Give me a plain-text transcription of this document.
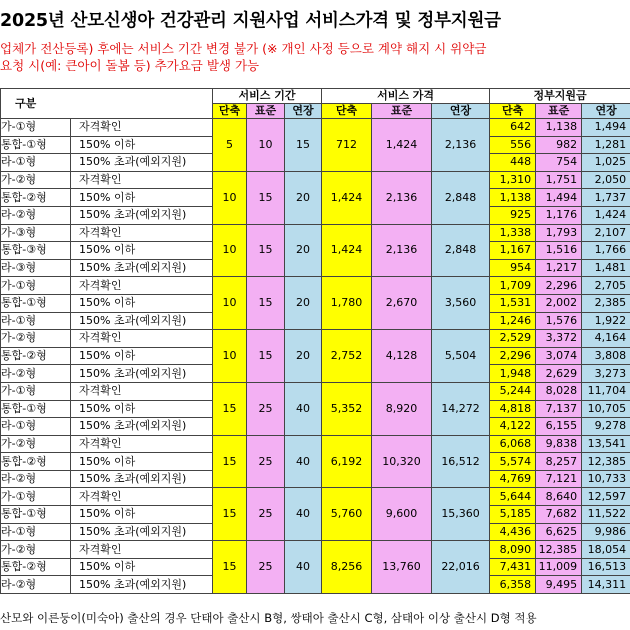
2025년 산모신생아 건강관리 지원사업 서비스가격 및 정부지원금
업체가 전산등록) 후에는 서비스 기간 변경 불가 (※ 개인 사정 등으로 계약 해지 시 위약금
요청 시(예: 큰아이 돌봄 등) 추가요금 발생 가능
구분		서비스 기간			서비스 가격			정부지원금		
		단축	표준	연장	단축	표준	연장	단축	표준	연장
가-①형	자격확인	5	10	15	712	1,424	2,136	642	1,138	1,494
통합-①형	150% 이하							556	982	1,281
라-①형	150% 초과(예외지원)							448	754	1,025
가-②형	자격확인	10	15	20	1,424	2,136	2,848	1,310	1,751	2,050
통합-②형	150% 이하							1,138	1,494	1,737
라-②형	150% 초과(예외지원)							925	1,176	1,424
가-③형	자격확인	10	15	20	1,424	2,136	2,848	1,338	1,793	2,107
통합-③형	150% 이하							1,167	1,516	1,766
라-③형	150% 초과(예외지원)							954	1,217	1,481
가-①형	자격확인	10	15	20	1,780	2,670	3,560	1,709	2,296	2,705
통합-①형	150% 이하							1,531	2,002	2,385
라-①형	150% 초과(예외지원)							1,246	1,576	1,922
가-②형	자격확인	10	15	20	2,752	4,128	5,504	2,529	3,372	4,164
통합-②형	150% 이하							2,296	3,074	3,808
라-②형	150% 초과(예외지원)							1,948	2,629	3,273
가-①형	자격확인	15	25	40	5,352	8,920	14,272	5,244	8,028	11,704
통합-①형	150% 이하							4,818	7,137	10,705
라-①형	150% 초과(예외지원)							4,122	6,155	9,278
가-②형	자격확인	15	25	40	6,192	10,320	16,512	6,068	9,838	13,541
통합-②형	150% 이하							5,574	8,257	12,385
라-②형	150% 초과(예외지원)							4,769	7,121	10,733
가-①형	자격확인	15	25	40	5,760	9,600	15,360	5,644	8,640	12,597
통합-①형	150% 이하							5,185	7,682	11,522
라-①형	150% 초과(예외지원)							4,436	6,625	9,986
가-②형	자격확인	15	25	40	8,256	13,760	22,016	8,090	12,385	18,054
통합-②형	150% 이하							7,431	11,009	16,513
라-②형	150% 초과(예외지원)							6,358	9,495	14,311
산모와 이른둥이(미숙아) 출산의 경우 단태아 출산시 B형, 쌍태아 출산시 C형, 삼태아 이상 출산시 D형 적용
